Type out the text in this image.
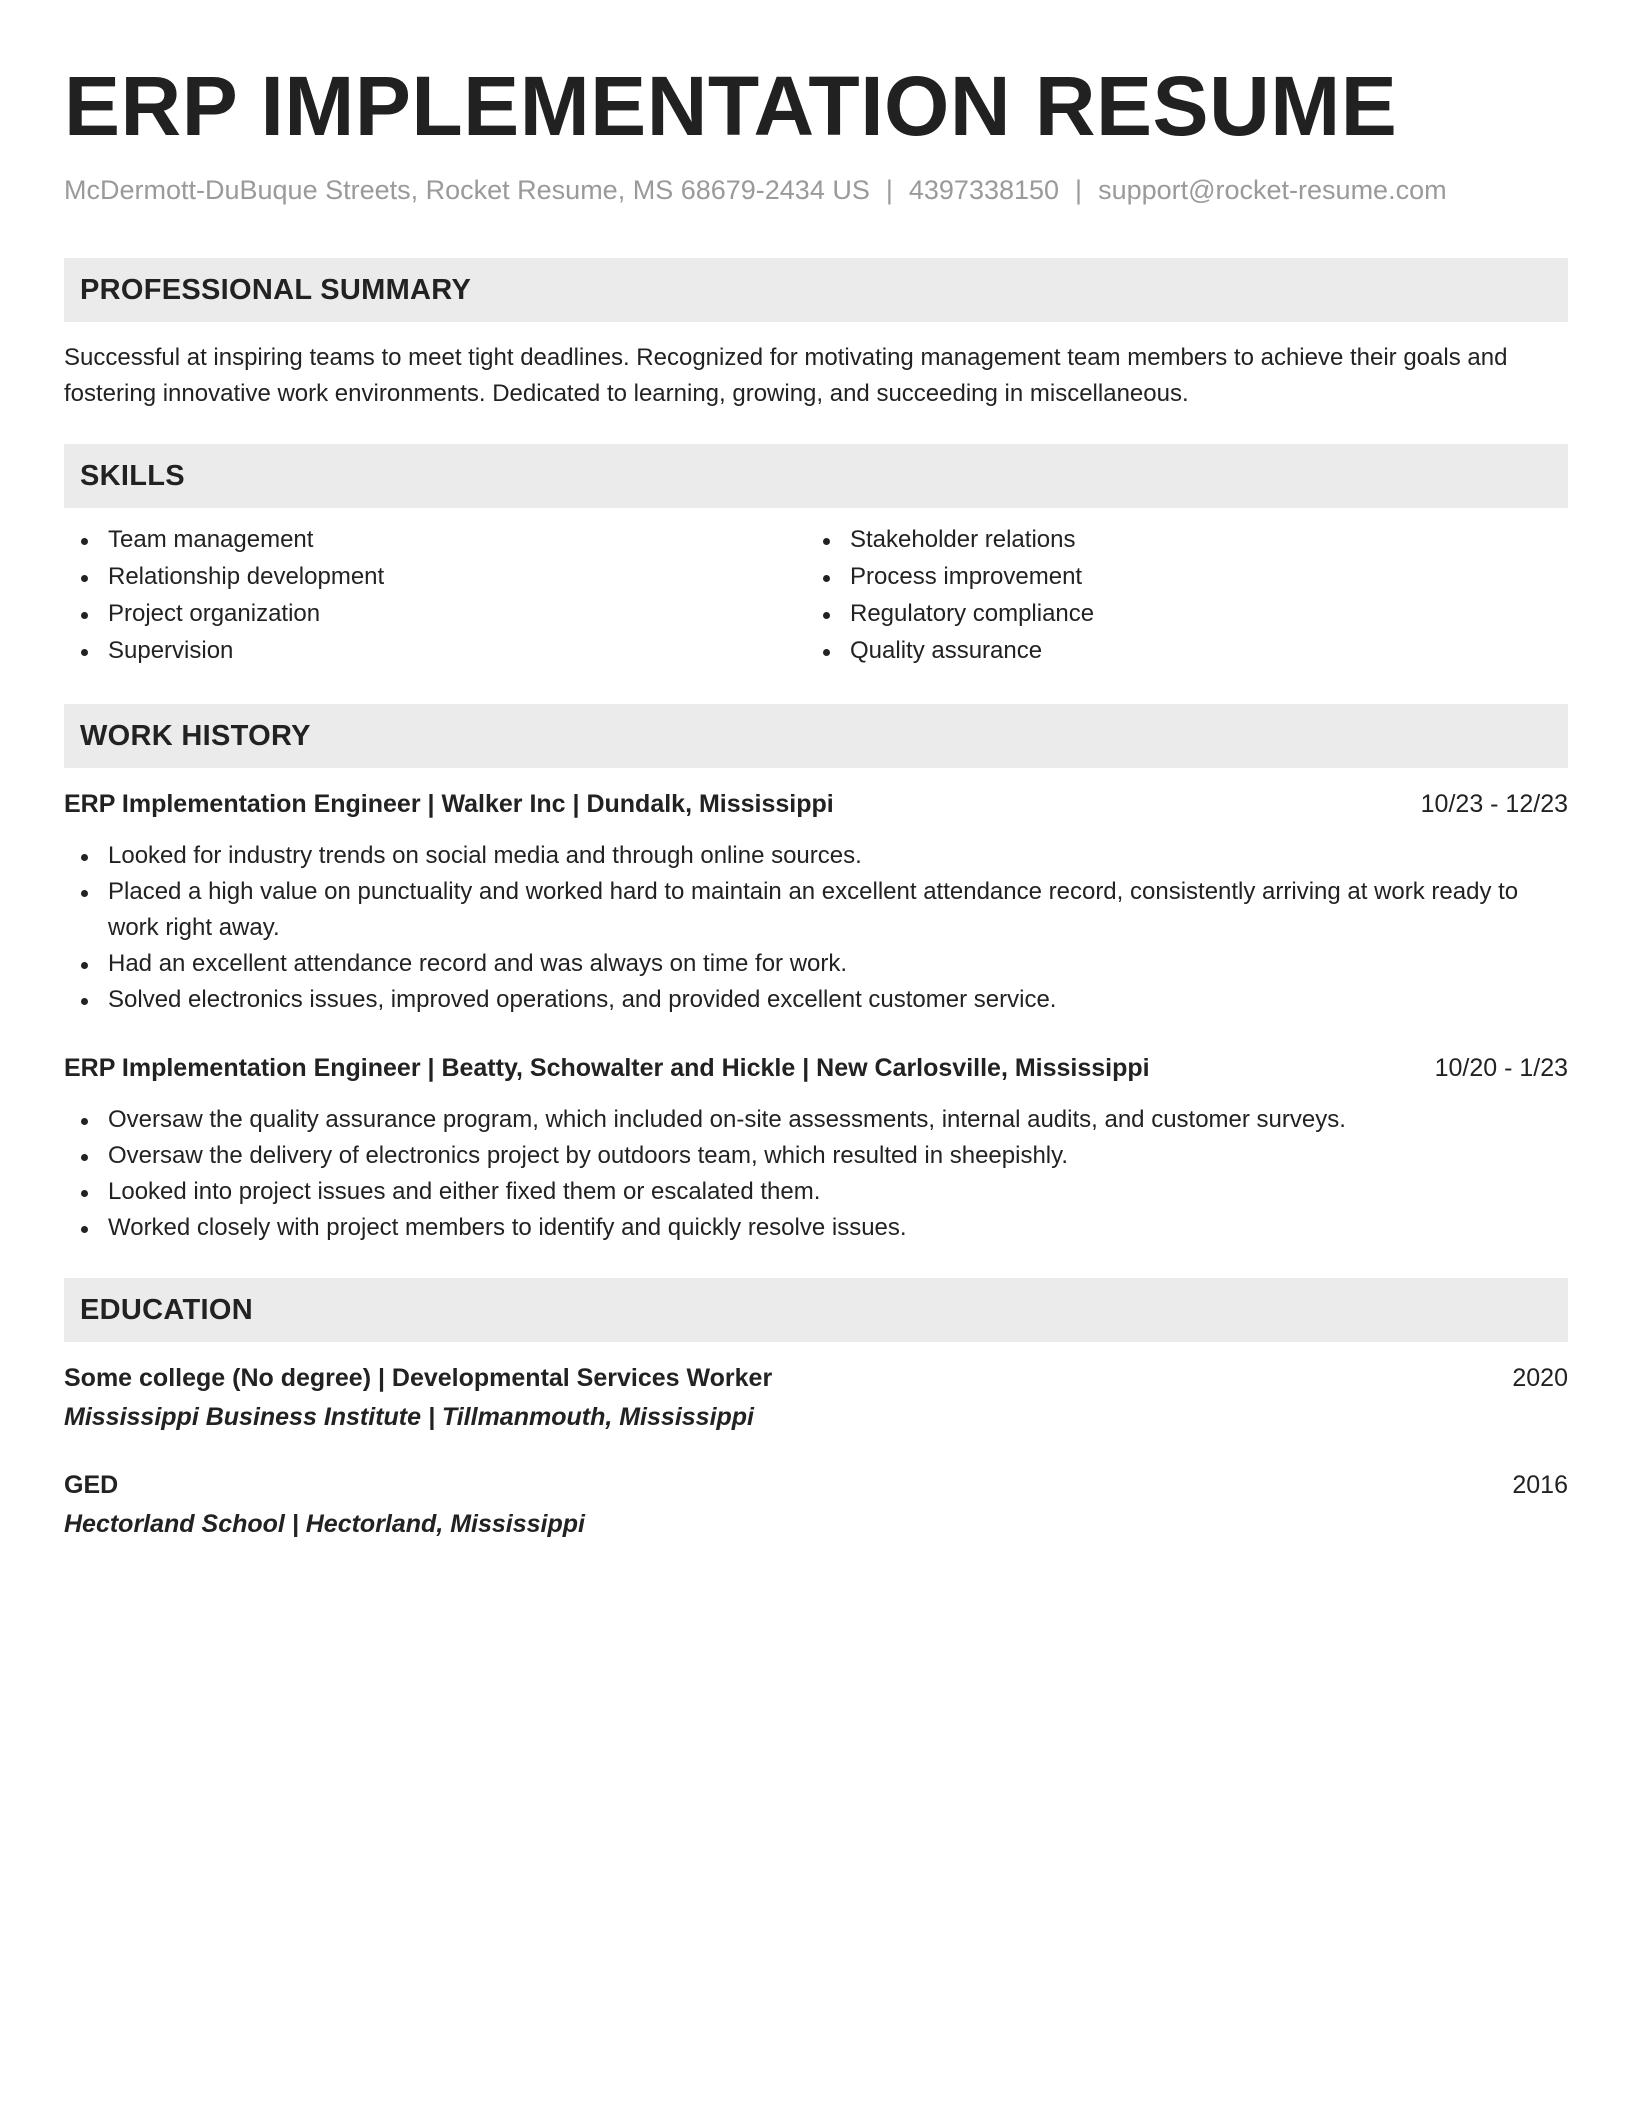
ERP IMPLEMENTATION RESUME
McDermott-DuBuque Streets, Rocket Resume, MS 68679-2434 US | 4397338150 | support@rocket-resume.com
PROFESSIONAL SUMMARY

Successful at inspiring teams to meet tight deadlines. Recognized for motivating management team members to achieve their goals and fostering innovative work environments. Dedicated to learning, growing, and succeeding in miscellaneous.

SKILLS
Team management
Relationship development
Project organization
Supervision
Stakeholder relations
Process improvement
Regulatory compliance
Quality assurance
WORK HISTORY
ERP Implementation Engineer | Walker Inc | Dundalk, Mississippi	10/23 - 12/23
Looked for industry trends on social media and through online sources.
Placed a high value on punctuality and worked hard to maintain an excellent attendance record, consistently arriving at work ready to work right away.
Had an excellent attendance record and was always on time for work.
Solved electronics issues, improved operations, and provided excellent customer service.
ERP Implementation Engineer | Beatty, Schowalter and Hickle | New Carlosville, Mississippi	10/20 - 1/23
Oversaw the quality assurance program, which included on-site assessments, internal audits, and customer surveys.
Oversaw the delivery of electronics project by outdoors team, which resulted in sheepishly.
Looked into project issues and either fixed them or escalated them.
Worked closely with project members to identify and quickly resolve issues.
EDUCATION
Some college (No degree) | Developmental Services Worker	2020
Mississippi Business Institute | Tillmanmouth, Mississippi
GED	2016
Hectorland School | Hectorland, Mississippi
